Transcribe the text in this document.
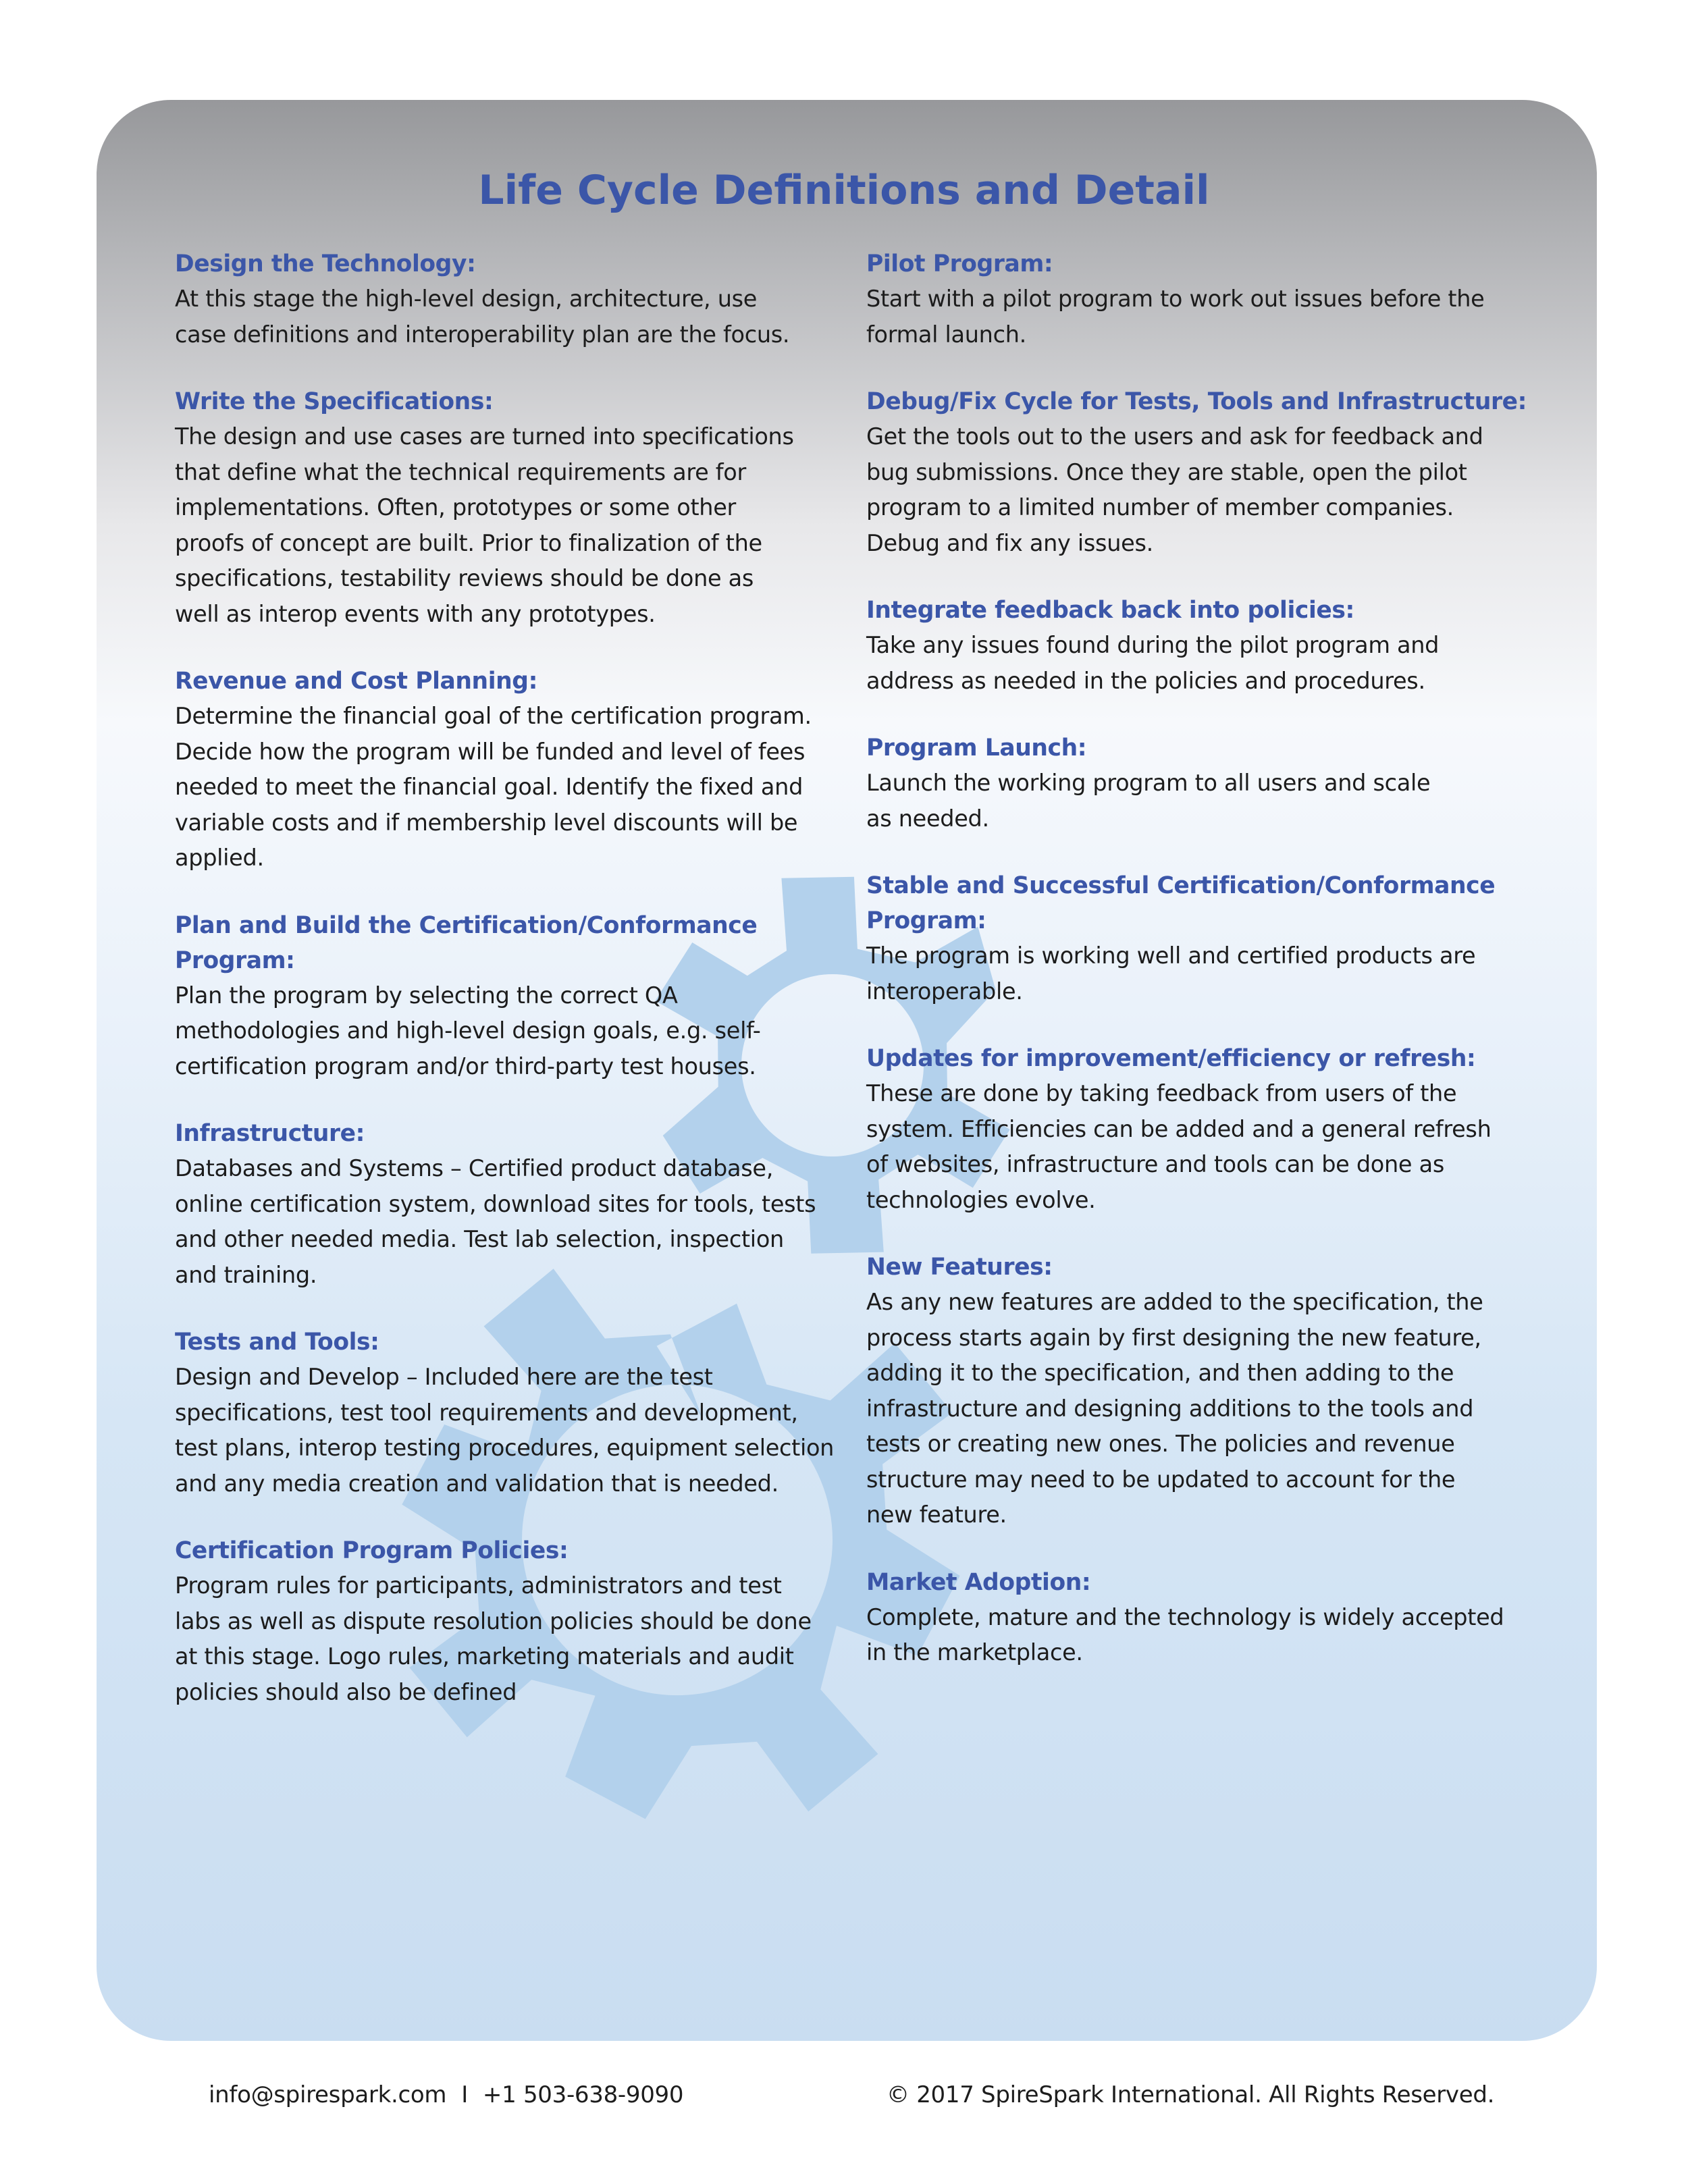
Life Cycle Definitions and Detail

Design the Technology:

At this stage the high-level design, architecture, use
case definitions and interoperability plan are the focus.

Write the Specifications:

The design and use cases are turned into specifications
that define what the technical requirements are for
implementations. Often, prototypes or some other
proofs of concept are built. Prior to finalization of the
specifications, testability reviews should be done as
well as interop events with any prototypes.

Revenue and Cost Planning:

Determine the financial goal of the certification program.
Decide how the program will be funded and level of fees
needed to meet the financial goal. Identify the fixed and
variable costs and if membership level discounts will be
applied.

Plan and Build the Certification/Conformance Program:

Plan the program by selecting the correct QA
methodologies and high-level design goals, e.g. self-
certification program and/or third-party test houses.

Infrastructure:

Databases and Systems – Certified product database,
online certification system, download sites for tools, tests
and other needed media. Test lab selection, inspection
and training.

Tests and Tools:

Design and Develop – Included here are the test
specifications, test tool requirements and development,
test plans, interop testing procedures, equipment selection
and any media creation and validation that is needed.

Certification Program Policies:

Program rules for participants, administrators and test
labs as well as dispute resolution policies should be done
at this stage. Logo rules, marketing materials and audit
policies should also be defined

Pilot Program:

Start with a pilot program to work out issues before the
formal launch.

Debug/Fix Cycle for Tests, Tools and Infrastructure:

Get the tools out to the users and ask for feedback and
bug submissions. Once they are stable, open the pilot
program to a limited number of member companies.
Debug and fix any issues.

Integrate feedback back into policies:

Take any issues found during the pilot program and
address as needed in the policies and procedures.

Program Launch:

Launch the working program to all users and scale
as needed.

Stable and Successful Certification/Conformance Program:

The program is working well and certified products are
interoperable.

Updates for improvement/efficiency or refresh:

These are done by taking feedback from users of the
system. Efficiencies can be added and a general refresh
of websites, infrastructure and tools can be done as
technologies evolve.

New Features:

As any new features are added to the specification, the
process starts again by first designing the new feature,
adding it to the specification, and then adding to the
infrastructure and designing additions to the tools and
tests or creating new ones. The policies and revenue
structure may need to be updated to account for the
new feature.

Market Adoption:

Complete, mature and the technology is widely accepted
in the marketplace.

info@spirespark.com I +1 503-638-9090	© 2017 SpireSpark International. All Rights Reserved.
